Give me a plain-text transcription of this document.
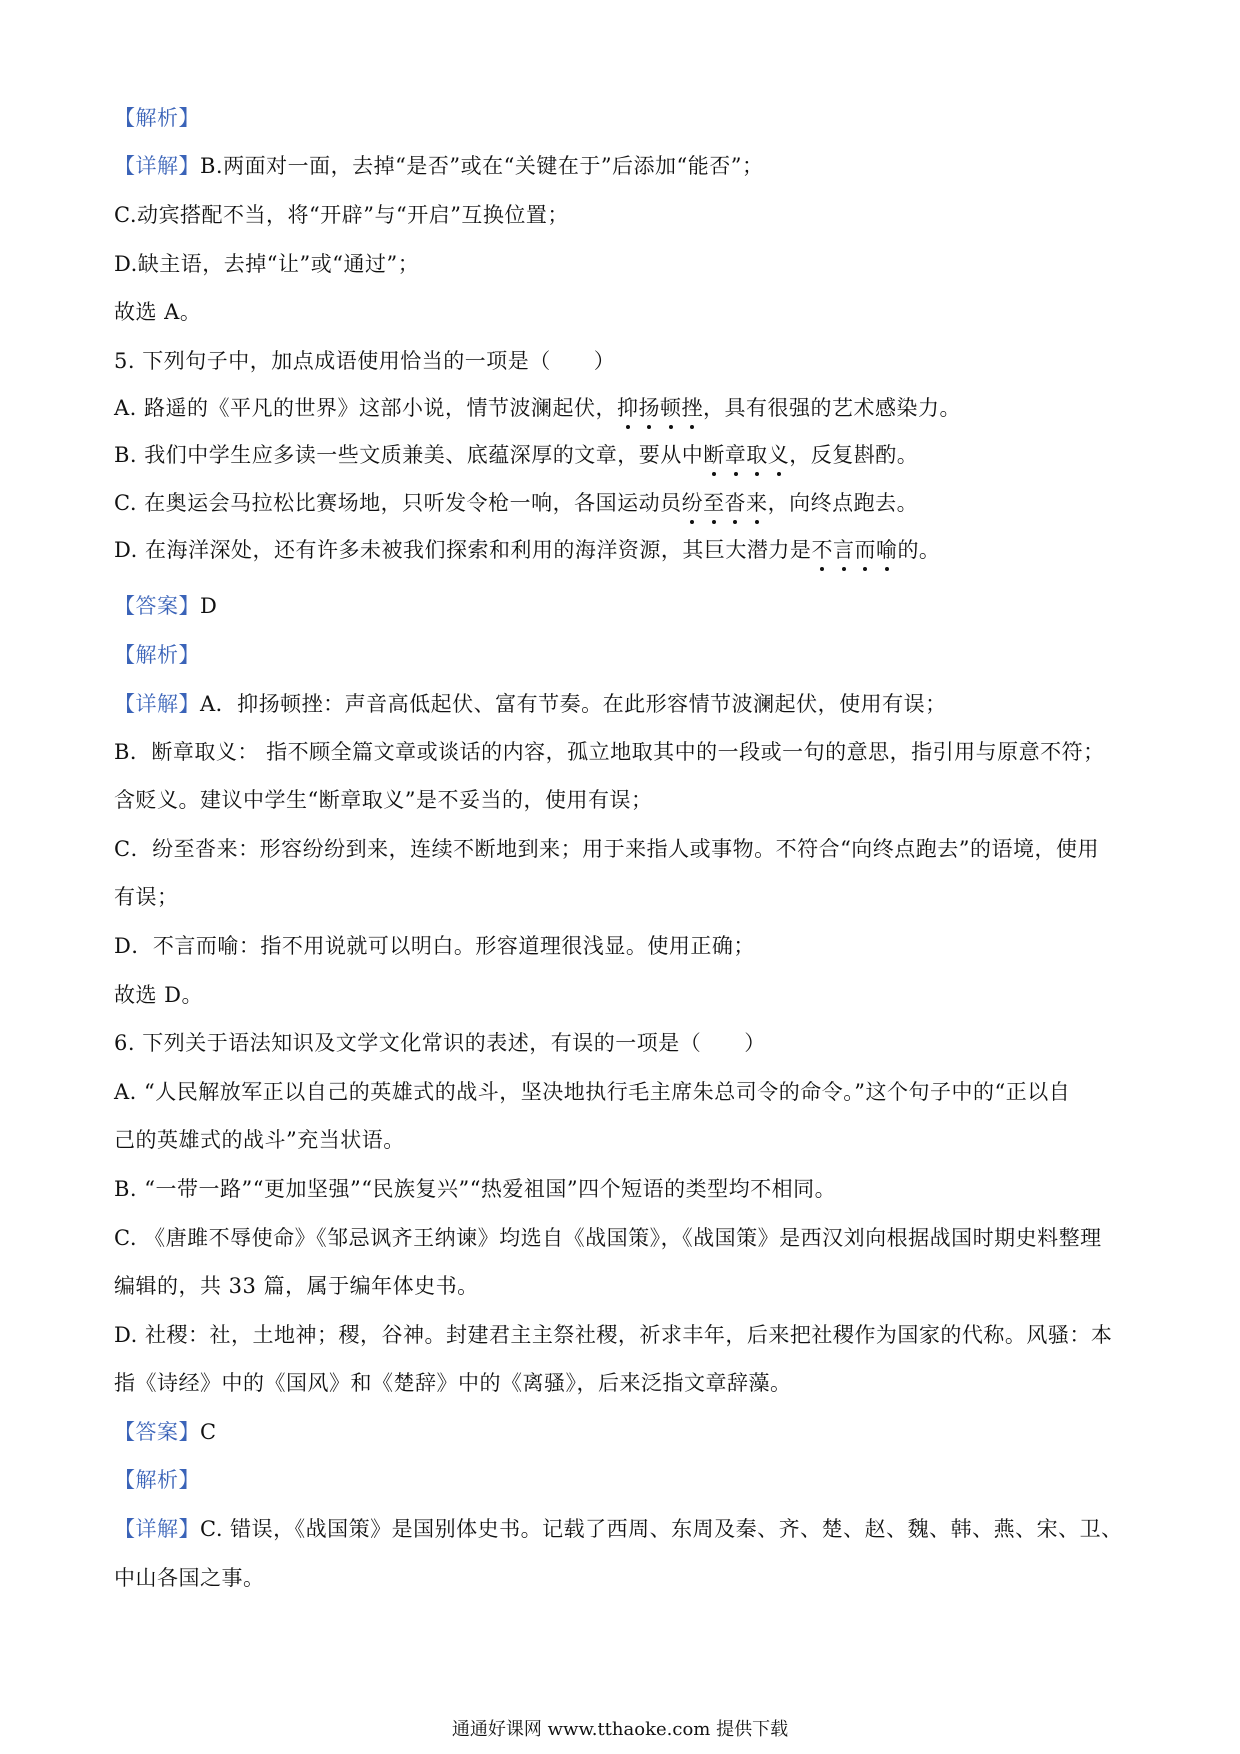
【解析】
【详解】B.两面对一面，去掉“是否”或在“关键在于”后添加“能否”；
C.动宾搭配不当，将“开辟”与“开启”互换位置；
D.缺主语，去掉“让”或“通过”；
故选 A。
5. 下列句子中，加点成语使用恰当的一项是（　　）
A. 路遥的《平凡的世界》这部小说，情节波澜起伏，抑扬顿挫，具有很强的艺术感染力。
B. 我们中学生应多读一些文质兼美、底蕴深厚的文章，要从中断章取义，反复斟酌。
C. 在奥运会马拉松比赛场地，只听发令枪一响，各国运动员纷至沓来，向终点跑去。
D. 在海洋深处，还有许多未被我们探索和利用的海洋资源，其巨大潜力是不言而喻的。
【答案】D
【解析】
【详解】A．抑扬顿挫：声音高低起伏、富有节奏。在此形容情节波澜起伏，使用有误；
B．断章取义： 指不顾全篇文章或谈话的内容，孤立地取其中的一段或一句的意思，指引用与原意不符；
含贬义。建议中学生“断章取义”是不妥当的，使用有误；
C．纷至沓来：形容纷纷到来，连续不断地到来；用于来指人或事物。不符合“向终点跑去”的语境，使用
有误；
D．不言而喻：指不用说就可以明白。形容道理很浅显。使用正确；
故选 D。
6. 下列关于语法知识及文学文化常识的表述，有误的一项是（　　）
A. “人民解放军正以自己的英雄式的战斗，坚决地执行毛主席朱总司令的命令。”这个句子中的“正以自
己的英雄式的战斗”充当状语。
B. “一带一路”“更加坚强”“民族复兴”“热爱祖国”四个短语的类型均不相同。
C. 《唐雎不辱使命》《邹忌讽齐王纳谏》均选自《战国策》，《战国策》是西汉刘向根据战国时期史料整理
编辑的，共 33 篇，属于编年体史书。
D. 社稷：社，土地神；稷，谷神。封建君主主祭社稷，祈求丰年，后来把社稷作为国家的代称。风骚：本
指《诗经》中的《国风》和《楚辞》中的《离骚》，后来泛指文章辞藻。
【答案】C
【解析】
【详解】C. 错误，《战国策》是国别体史书。记载了西周、东周及秦、齐、楚、赵、魏、韩、燕、宋、卫、
中山各国之事。
通通好课网 www.tthaoke.com 提供下载
